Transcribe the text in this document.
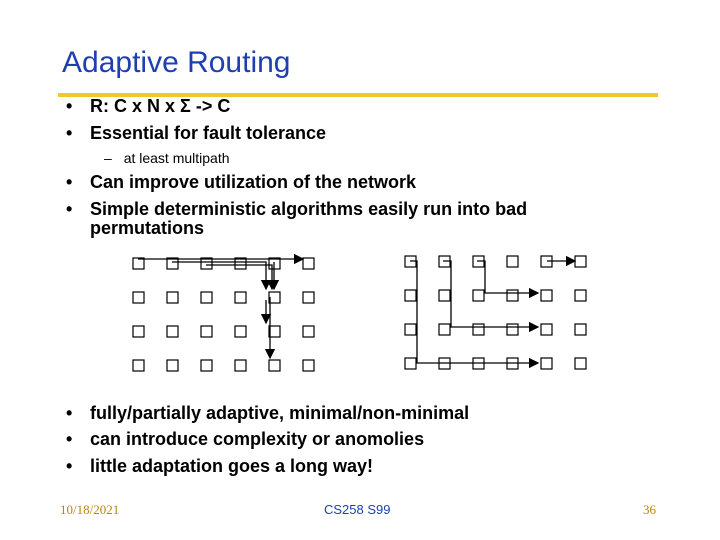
Adaptive Routing
• R: C x N x Σ -> C
• Essential for fault tolerance
– at least multipath
• Can improve utilization of the network
• Simple deterministic algorithms easily run into bad
permutations
• fully/partially adaptive, minimal/non-minimal
• can introduce complexity or anomolies
• little adaptation goes a long way!
10/18/2021	CS258 S99	36
